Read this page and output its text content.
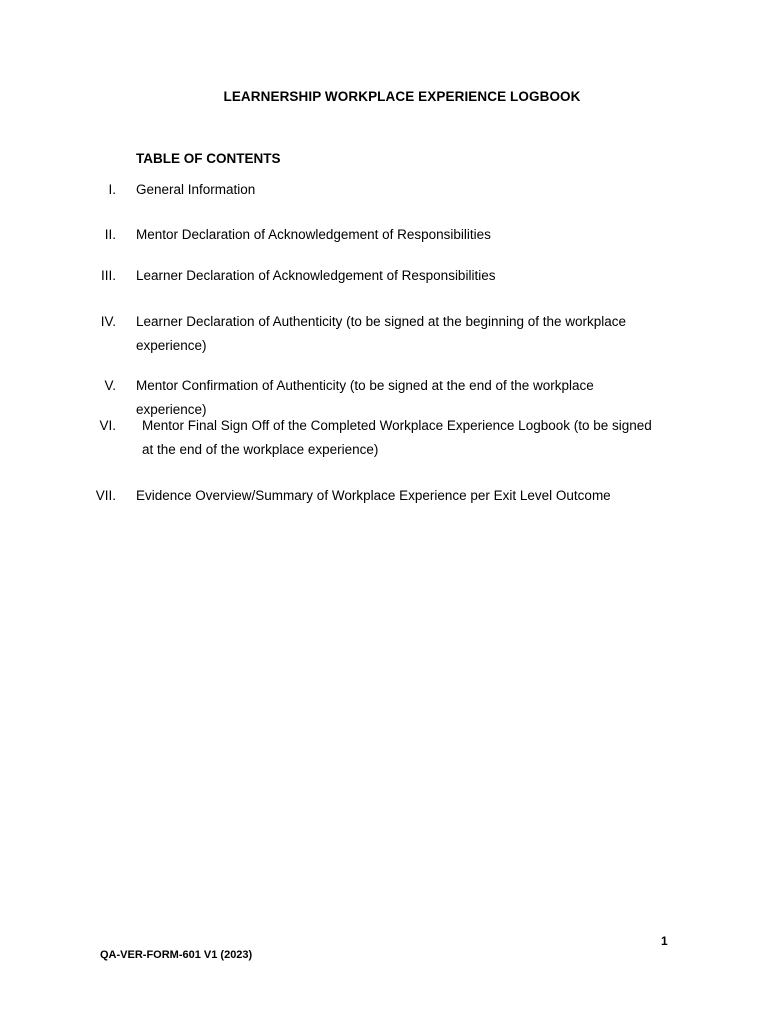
LEARNERSHIP WORKPLACE EXPERIENCE LOGBOOK
TABLE OF CONTENTS
I. General Information
II. Mentor Declaration of Acknowledgement of Responsibilities
III. Learner Declaration of Acknowledgement of Responsibilities
IV. Learner Declaration of Authenticity (to be signed at the beginning of the workplace experience)
V. Mentor Confirmation of Authenticity (to be signed at the end of the workplace experience)
VI. Mentor Final Sign Off of the Completed Workplace Experience Logbook (to be signed at the end of the workplace experience)
VII. Evidence Overview/Summary of Workplace Experience per Exit Level Outcome
1
QA-VER-FORM-601 V1 (2023)
